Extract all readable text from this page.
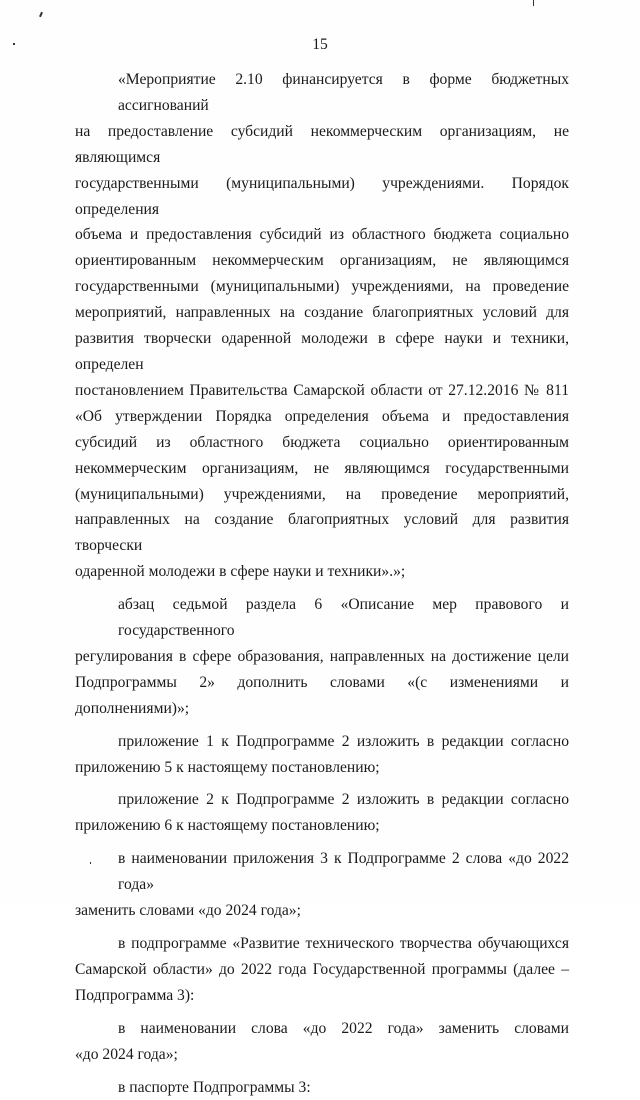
15

«Мероприятие 2.10 финансируется в форме бюджетных ассигнований
на предоставление субсидий некоммерческим организациям, не являющимся
государственными (муниципальными) учреждениями. Порядок определения
объема и предоставления субсидий из областного бюджета социально
ориентированным некоммерческим организациям, не являющимся
государственными (муниципальными) учреждениями, на проведение
мероприятий, направленных на создание благоприятных условий для
развития творчески одаренной молодежи в сфере науки и техники, определен
постановлением Правительства Самарской области от 27.12.2016 № 811
«Об утверждении Порядка определения объема и предоставления
субсидий из областного бюджета социально ориентированным
некоммерческим организациям, не являющимся государственными
(муниципальными) учреждениями, на проведение мероприятий,
направленных на создание благоприятных условий для развития творчески
одаренной молодежи в сфере науки и техники».»;

абзац седьмой раздела 6 «Описание мер правового и государственного
регулирования в сфере образования, направленных на достижение цели
Подпрограммы 2» дополнить словами «(с изменениями и дополнениями)»;

приложение 1 к Подпрограмме 2 изложить в редакции согласно
приложению 5 к настоящему постановлению;

приложение 2 к Подпрограмме 2 изложить в редакции согласно
приложению 6 к настоящему постановлению;

в наименовании приложения 3 к Подпрограмме 2 слова «до 2022 года»
заменить словами «до 2024 года»;

в подпрограмме «Развитие технического творчества обучающихся
Самарской области» до 2022 года Государственной программы (далее –
Подпрограмма 3):

в наименовании слова «до 2022 года» заменить словами
«до 2024 года»;

в паспорте Подпрограммы 3:
